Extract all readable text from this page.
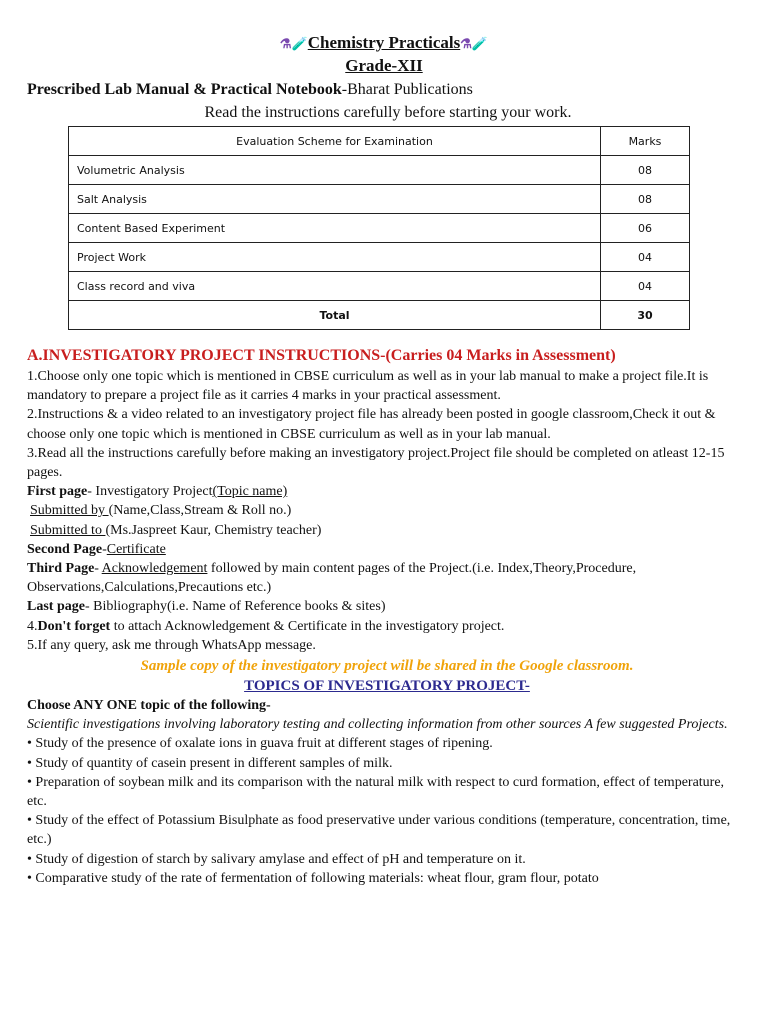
⚗🧪Chemistry Practicals⚗🧪
Grade-XII
Prescribed Lab Manual & Practical Notebook-Bharat Publications
Read the instructions carefully before starting your work.
Evaluation Scheme for Examination	Marks
Volumetric Analysis	08
Salt Analysis	08
Content Based Experiment	06
Project Work	04
Class record and viva	04
Total	30

A.INVESTIGATORY PROJECT INSTRUCTIONS-(Carries 04 Marks in Assessment)

1.Choose only one topic which is mentioned in CBSE curriculum as well as in your lab manual to make a project file.It is mandatory to prepare a project file as it carries 4 marks in your practical assessment.

2.Instructions & a video related to an investigatory project file has already been posted in google classroom,Check it out & choose only one topic which is mentioned in CBSE curriculum as well as in your lab manual.

3.Read all the instructions carefully before making an investigatory project.Project file should be completed on atleast 12-15 pages.

First page- Investigatory Project(Topic name)

Submitted by (Name,Class,Stream & Roll no.)

Submitted to (Ms.Jaspreet Kaur, Chemistry teacher)

Second Page-Certificate

Third Page- Acknowledgement followed by main content pages of the Project.(i.e. Index,Theory,Procedure, Observations,Calculations,Precautions etc.)

Last page- Bibliography(i.e. Name of Reference books & sites)

4.Don't forget to attach Acknowledgement & Certificate in the investigatory project.

5.If any query, ask me through WhatsApp message.

Sample copy of the investigatory project will be shared in the Google classroom.

TOPICS OF INVESTIGATORY PROJECT-

Choose ANY ONE topic of the following-

Scientific investigations involving laboratory testing and collecting information from other sources A few suggested Projects.

• Study of the presence of oxalate ions in guava fruit at different stages of ripening.

• Study of quantity of casein present in different samples of milk.

• Preparation of soybean milk and its comparison with the natural milk with respect to curd formation, effect of temperature, etc.

• Study of the effect of Potassium Bisulphate as food preservative under various conditions (temperature, concentration, time, etc.)

• Study of digestion of starch by salivary amylase and effect of pH and temperature on it.

• Comparative study of the rate of fermentation of following materials: wheat flour, gram flour, potato
